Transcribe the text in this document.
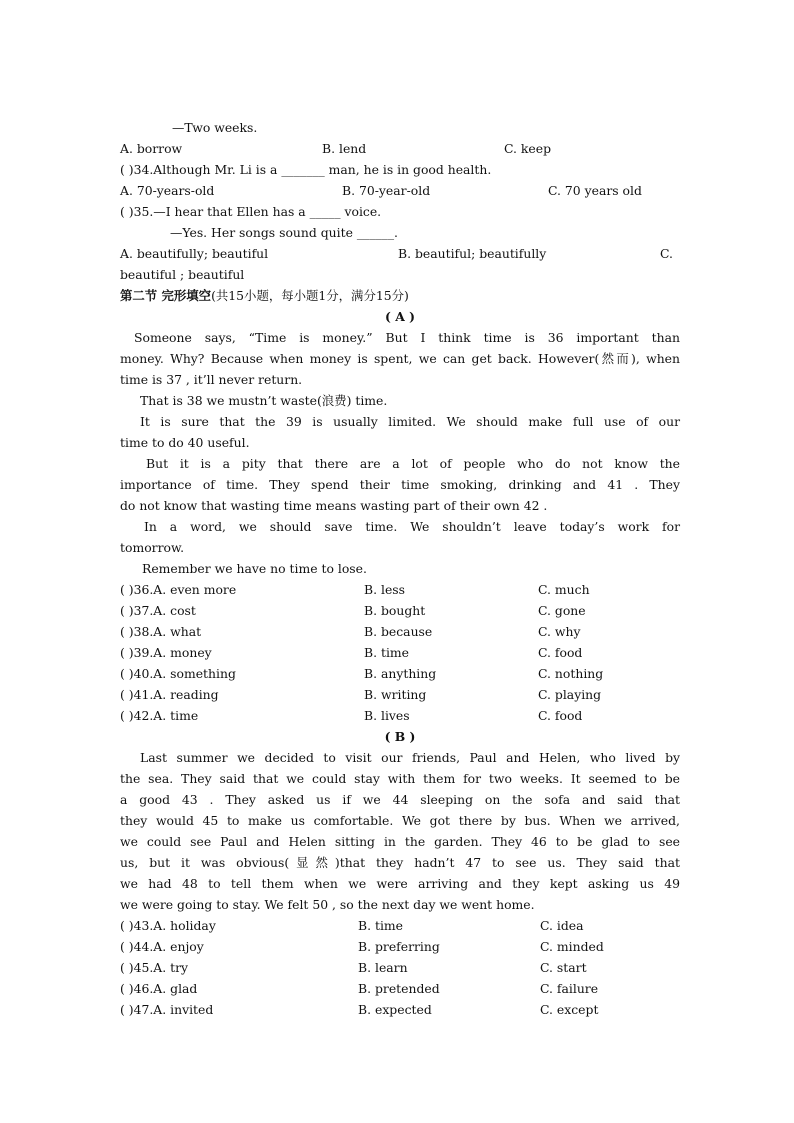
—Two weeks.
A. borrow	B. lend	C. keep
( )34.Although Mr. Li is a _______ man, he is in good health.
A. 70-years-old	B. 70-year-old	C. 70 years old
( )35.—I hear that Ellen has a _____ voice.
—Yes. Her songs sound quite ______.
A. beautifully; beautiful	B. beautiful; beautifully	C.
beautiful ; beautiful
第二节 完形填空(共15小题，每小题1分，满分15分)
( A )
Someone says, “Time is money.” But I think time is 36 important than
money. Why? Because when money is spent, we can get back. However(然而), when
time is 37 , it’ll never return.
That is 38 we mustn’t waste(浪费) time.
It is sure that the 39 is usually limited. We should make full use of our
time to do 40 useful.
But it is a pity that there are a lot of people who do not know the
importance of time. They spend their time smoking, drinking and 41 . They
do not know that wasting time means wasting part of their own 42 .
In a word, we should save time. We shouldn’t leave today’s work for
tomorrow.
Remember we have no time to lose.
( )36.A. even more	B. less	C. much
( )37.A. cost	B. bought	C. gone
( )38.A. what	B. because	C. why
( )39.A. money	B. time	C. food
( )40.A. something	B. anything	C. nothing
( )41.A. reading	B. writing	C. playing
( )42.A. time	B. lives	C. food
( B )
Last summer we decided to visit our friends, Paul and Helen, who lived by
the sea. They said that we could stay with them for two weeks. It seemed to be
a good 43 . They asked us if we 44 sleeping on the sofa and said that
they would 45 to make us comfortable. We got there by bus. When we arrived,
we could see Paul and Helen sitting in the garden. They 46 to be glad to see
us, but it was obvious(显然)that they hadn’t 47 to see us. They said that
we had 48 to tell them when we were arriving and they kept asking us 49
we were going to stay. We felt 50 , so the next day we went home.
( )43.A. holiday	B. time	C. idea
( )44.A. enjoy	B. preferring	C. minded
( )45.A. try	B. learn	C. start
( )46.A. glad	B. pretended	C. failure
( )47.A. invited	B. expected	C. except
